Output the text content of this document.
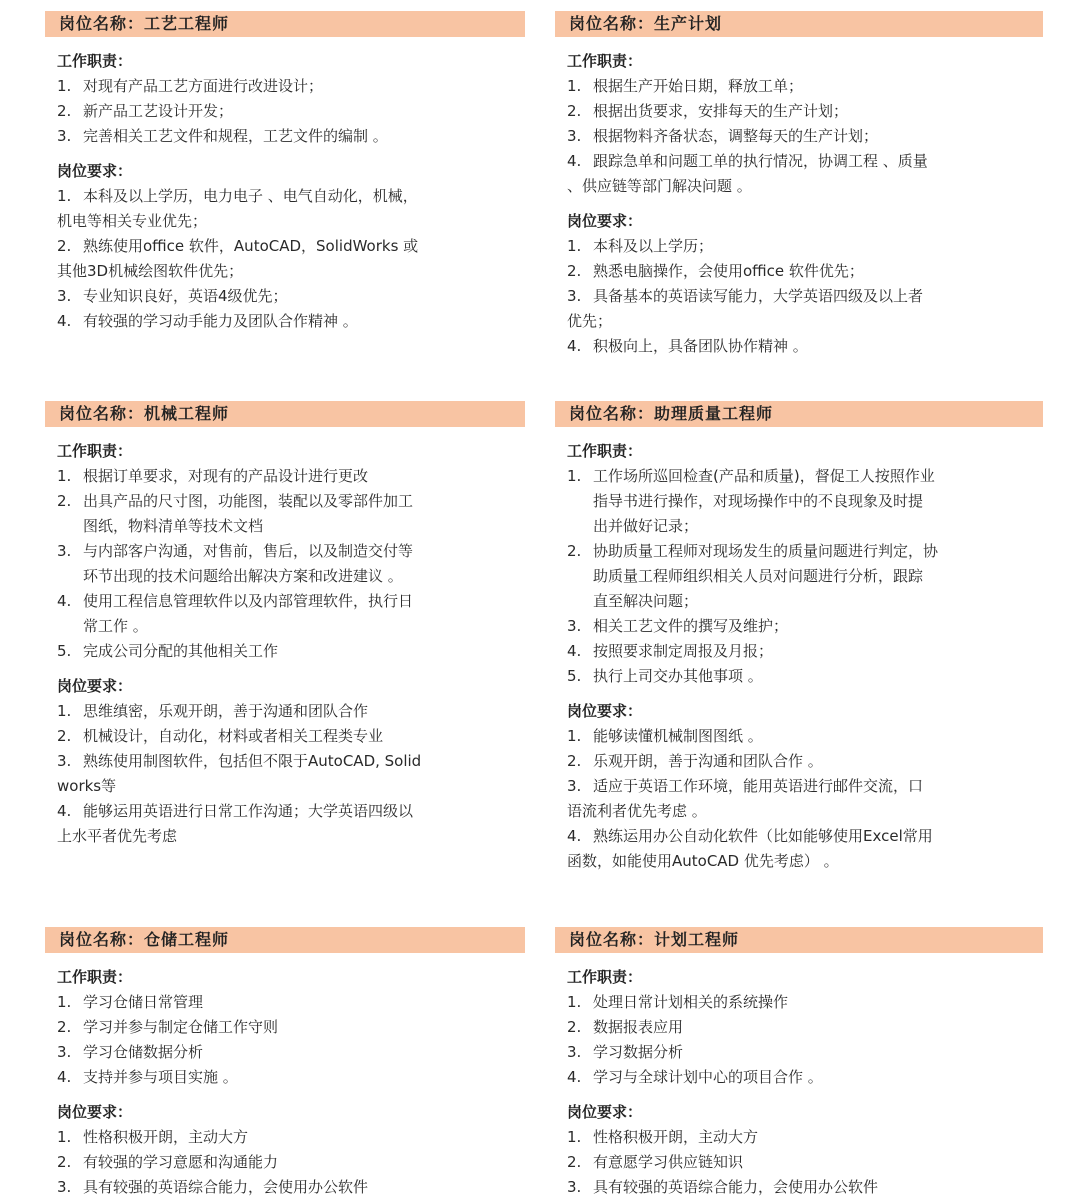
岗位名称：工艺工程师
工作职责：
1. 对现有产品工艺方面进行改进设计；
2. 新产品工艺设计开发；
3. 完善相关工艺文件和规程，工艺文件的编制 。
岗位要求：
1. 本科及以上学历，电力电子 、电气自动化，机械，
机电等相关专业优先；
2. 熟练使用office 软件，AutoCAD，SolidWorks 或
其他3D机械绘图软件优先；
3. 专业知识良好，英语4级优先；
4. 有较强的学习动手能力及团队合作精神 。
岗位名称：生产计划
工作职责：
1. 根据生产开始日期，释放工单；
2. 根据出货要求，安排每天的生产计划；
3. 根据物料齐备状态，调整每天的生产计划；
4. 跟踪急单和问题工单的执行情况，协调工程 、质量
、供应链等部门解决问题 。
岗位要求：
1. 本科及以上学历；
2. 熟悉电脑操作，会使用office 软件优先；
3. 具备基本的英语读写能力，大学英语四级及以上者
优先；
4. 积极向上，具备团队协作精神 。
岗位名称：机械工程师
工作职责：
1. 根据订单要求，对现有的产品设计进行更改
2. 出具产品的尺寸图，功能图，装配以及零部件加工
图纸，物料清单等技术文档
3. 与内部客户沟通，对售前，售后，以及制造交付等
环节出现的技术问题给出解决方案和改进建议 。
4. 使用工程信息管理软件以及内部管理软件，执行日
常工作 。
5. 完成公司分配的其他相关工作
岗位要求：
1. 思维缜密，乐观开朗，善于沟通和团队合作
2. 机械设计，自动化，材料或者相关工程类专业
3. 熟练使用制图软件，包括但不限于AutoCAD, Solid
works等
4. 能够运用英语进行日常工作沟通；大学英语四级以
上水平者优先考虑
岗位名称：助理质量工程师
工作职责：
1. 工作场所巡回检查(产品和质量)，督促工人按照作业
指导书进行操作，对现场操作中的不良现象及时提
出并做好记录；
2. 协助质量工程师对现场发生的质量问题进行判定，协
助质量工程师组织相关人员对问题进行分析，跟踪
直至解决问题；
3. 相关工艺文件的撰写及维护；
4. 按照要求制定周报及月报；
5. 执行上司交办其他事项 。
岗位要求：
1. 能够读懂机械制图图纸 。
2. 乐观开朗，善于沟通和团队合作 。
3. 适应于英语工作环境，能用英语进行邮件交流，口
语流利者优先考虑 。
4. 熟练运用办公自动化软件（比如能够使用Excel常用
函数，如能使用AutoCAD 优先考虑） 。
岗位名称：仓储工程师
工作职责：
1. 学习仓储日常管理
2. 学习并参与制定仓储工作守则
3. 学习仓储数据分析
4. 支持并参与项目实施 。
岗位要求：
1. 性格积极开朗，主动大方
2. 有较强的学习意愿和沟通能力
3. 具有较强的英语综合能力，会使用办公软件
岗位名称：计划工程师
工作职责：
1. 处理日常计划相关的系统操作
2. 数据报表应用
3. 学习数据分析
4. 学习与全球计划中心的项目合作 。
岗位要求：
1. 性格积极开朗，主动大方
2. 有意愿学习供应链知识
3. 具有较强的英语综合能力，会使用办公软件
